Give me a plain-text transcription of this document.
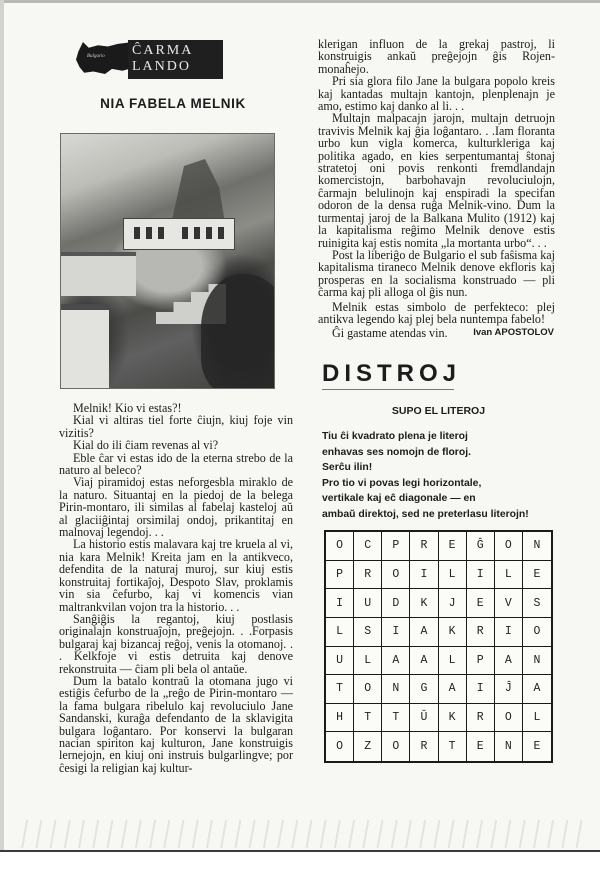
Bulgario ĈARMA
LANDO
NIA FABELA MELNIK

Melnik! Kio vi estas?!

Kial vi altiras tiel forte ĉiujn, kiuj foje vin vizitis?

Kial do ili ĉiam revenas al vi?

Eble ĉar vi estas ido de la eterna strebo de la naturo al beleco?

Viaj piramidoj estas neforgesbla miraklo de la naturo. Situantaj en la piedoj de la belega Pirin-montaro, ili similas al fabelaj kasteloj aŭ al glaciiĝintaj orsimilaj ondoj, prikantitaj en malnovaj legendoj. . .

La historio estis malavara kaj tre kruela al vi, nia kara Melnik! Kreita jam en la antikveco, defendita de la naturaj muroj, sur kiuj estis konstruitaj fortikaĵoj, Despoto Slav, proklamis vin sia ĉefurbo, kaj vi komencis vian maltrankvilan vojon tra la historio. . .

Sanĝiĝis la regantoj, kiuj postlasis originalajn konstruaĵojn, preĝejojn. . .Forpasis bulgaraj kaj bizancaj reĝoj, venis la otomanoj. . . Kelkfoje vi estis detruita kaj denove rekonstruita — ĉiam pli bela ol antaŭe.

Dum la batalo kontraŭ la otomana jugo vi estiĝis ĉefurbo de la „reĝo de Pirin-montaro — la fama bulgara ribelulo kaj revoluciulo Jane Sandanski, kuraĝa defendanto de la sklavigita bulgara loĝantaro. Por konservi la bulgaran nacian spiriton kaj kulturon, Jane konstruigis lernejojn, en kiuj oni instruis bulgarlingve; por ĉesigi la religian kaj kultur-

klerigan influon de la grekaj pastroj, li konstruigis ankaŭ preĝejojn ĝis Rojen-monaĥejo.

Pri sia glora filo Jane la bulgara popolo kreis kaj kantadas multajn kantojn, plenplenajn je amo, estimo kaj danko al li. . .

Multajn malpacajn jarojn, multajn detruojn travivis Melnik kaj ĝia loĝantaro. . .Iam floranta urbo kun vigla komerca, kulturkleriga kaj politika agado, en kies serpentumantaj ŝtonaj stratetoj oni povis renkonti fremdlandajn komercistojn, barbohavajn revoluciulojn, ĉarmajn belulinojn kaj enspiradi la specifan odoron de la densa ruĝa Melnik-vino. Dum la turmentaj jaroj de la Balkana Mulito (1912) kaj la kapitalisma reĝimo Melnik denove estis ruinigita kaj estis nomita „la mortanta urbo“. . .

Post la liberiĝo de Bulgario el sub faŝisma kaj kapitalisma tiraneco Melnik denove ekfloris kaj prosperas en la socialisma konstruado — pli ĉarma kaj pli alloga ol ĝis nun.

Melnik estas simbolo de perfekteco: plej antikva legendo kaj plej bela nuntempa fabelo!

Ĝi gastame atendas vin.	Ivan APOSTOLOV
DISTROJ
SUPO EL LITEROJ
Tiu ĉi kvadrato plena je literoj
enhavas ses nomojn de floroj.
Serĉu ilin!
Pro tio vi povas legi horizontale,
vertikale kaj eĉ diagonale — en
ambaŭ direktoj, sed ne preterlasu literojn!
O	C	P	R	E	Ĝ	O	N
P	R	O	I	L	I	L	E
I	U	D	K	J	E	V	S
L	S	I	A	K	R	I	O
U	L	A	A	L	P	A	N
T	O	N	G	A	I	Ĵ	A
H	T	T	Ŭ	K	R	O	L
O	Z	O	R	T	E	N	E
